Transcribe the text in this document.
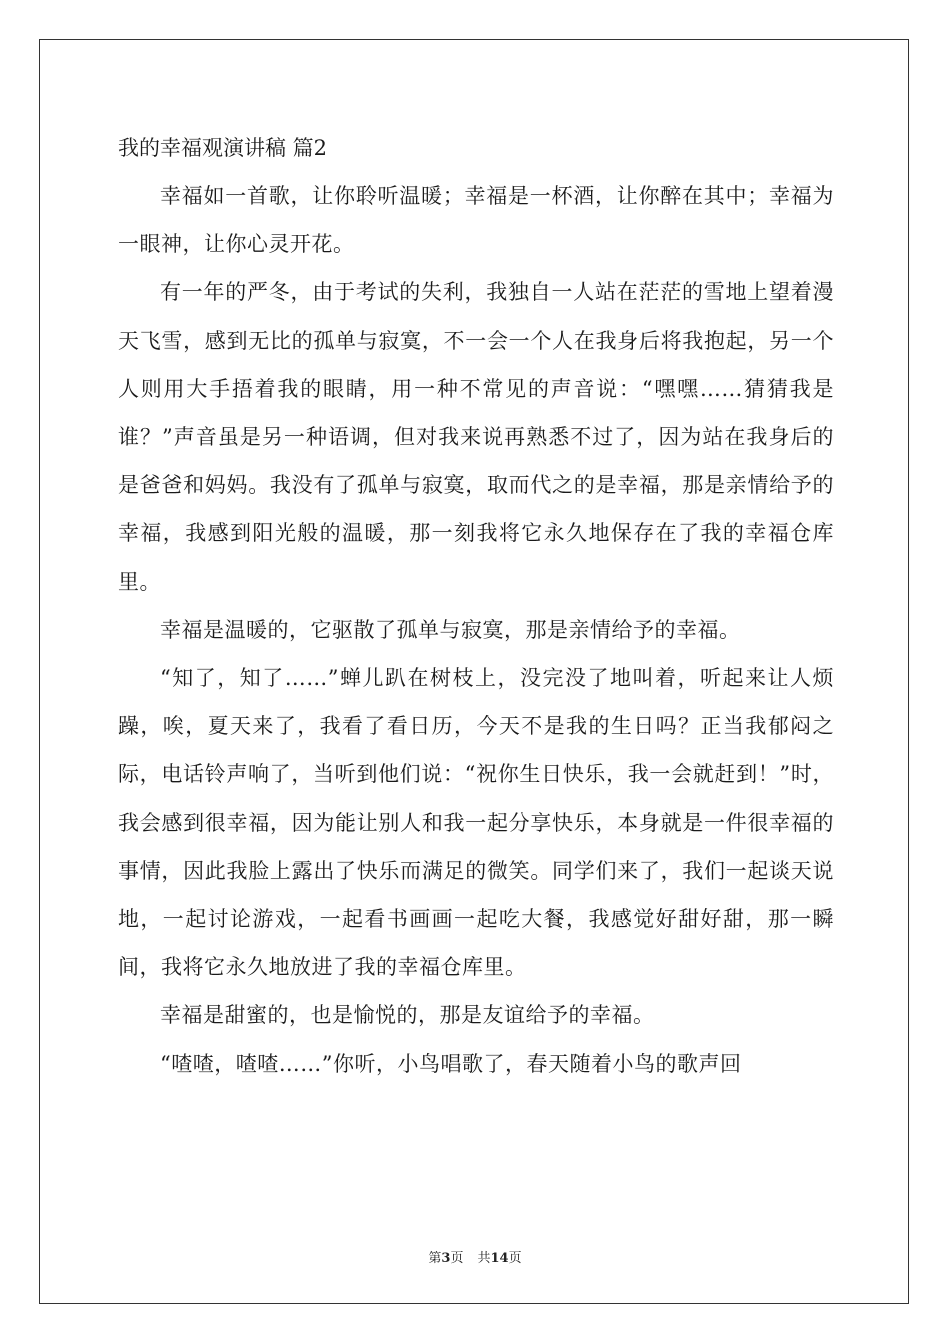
我的幸福观演讲稿 篇2

幸福如一首歌，让你聆听温暖；幸福是一杯酒，让你醉在其中；幸福为一眼神，让你心灵开花。

有一年的严冬，由于考试的失利，我独自一人站在茫茫的雪地上望着漫天飞雪，感到无比的孤单与寂寞，不一会一个人在我身后将我抱起，另一个人则用大手捂着我的眼睛，用一种不常见的声音说：“嘿嘿……猜猜我是谁？”声音虽是另一种语调，但对我来说再熟悉不过了，因为站在我身后的是爸爸和妈妈。我没有了孤单与寂寞，取而代之的是幸福，那是亲情给予的幸福，我感到阳光般的温暖，那一刻我将它永久地保存在了我的幸福仓库里。

幸福是温暖的，它驱散了孤单与寂寞，那是亲情给予的幸福。

“知了，知了……”蝉儿趴在树枝上，没完没了地叫着，听起来让人烦躁，唉，夏天来了，我看了看日历，今天不是我的生日吗？正当我郁闷之际，电话铃声响了，当听到他们说：“祝你生日快乐，我一会就赶到！”时，我会感到很幸福，因为能让别人和我一起分享快乐，本身就是一件很幸福的事情，因此我脸上露出了快乐而满足的微笑。同学们来了，我们一起谈天说地，一起讨论游戏，一起看书画画一起吃大餐，我感觉好甜好甜，那一瞬间，我将它永久地放进了我的幸福仓库里。

幸福是甜蜜的，也是愉悦的，那是友谊给予的幸福。

“喳喳，喳喳……”你听，小鸟唱歌了，春天随着小鸟的歌声回

第3页 共14页
